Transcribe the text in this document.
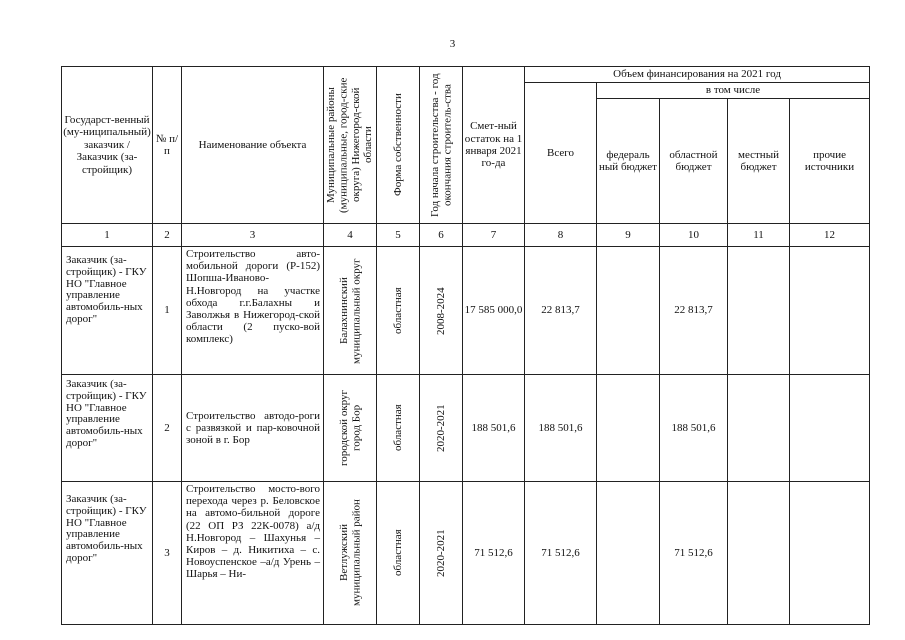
3
Государст-венный (му-ниципальный) заказчик / Заказчик (за-стройщик)	№ п/п	Наименование объекта	Муниципальные районы (муниципальные, город-ские округа) Нижегород-ской области	Форма собственности	Год начала строительства - год окончания строитель-ства	Смет-ный остаток на 1 января 2021 го-да	Объем финансирования на 2021 год				
							Всего	в том числе			
								федераль ный бюджет	областной бюджет	местный бюджет	прочие источники
1	2	3	4	5	6	7	8	9	10	11	12
Заказчик (за-стройщик) - ГКУ НО "Главное управление автомобиль-ных дорог"	1	Строительство авто-мобильной дороги (Р-152) Шопша-Иваново-Н.Новгород на участке обхода г.г.Балахны и Заволжья в Нижегород-ской области (2 пуско-вой комплекс)	Балахнинский муниципальный округ	областная	2008-2024	17 585 000,0	22 813,7		22 813,7		
Заказчик (за-стройщик) - ГКУ НО "Главное управление автомобиль-ных дорог"	2	Строительство автодо-роги с развязкой и пар-ковочной зоной в г. Бор	городской округ город Бор	областная	2020-2021	188 501,6	188 501,6		188 501,6		
Заказчик (за-стройщик) - ГКУ НО "Главное управление автомобиль-ных дорог"	3	Строительство мосто-вого перехода через р. Беловское на автомо-бильной дороге (22 ОП РЗ 22К-0078) а/д Н.Новгород – Шахунья – Киров – д. Никитиха – с. Новоуспенское –а/д Урень – Шарья – Ни-	Ветлужский муниципальный район	областная	2020-2021	71 512,6	71 512,6		71 512,6		
